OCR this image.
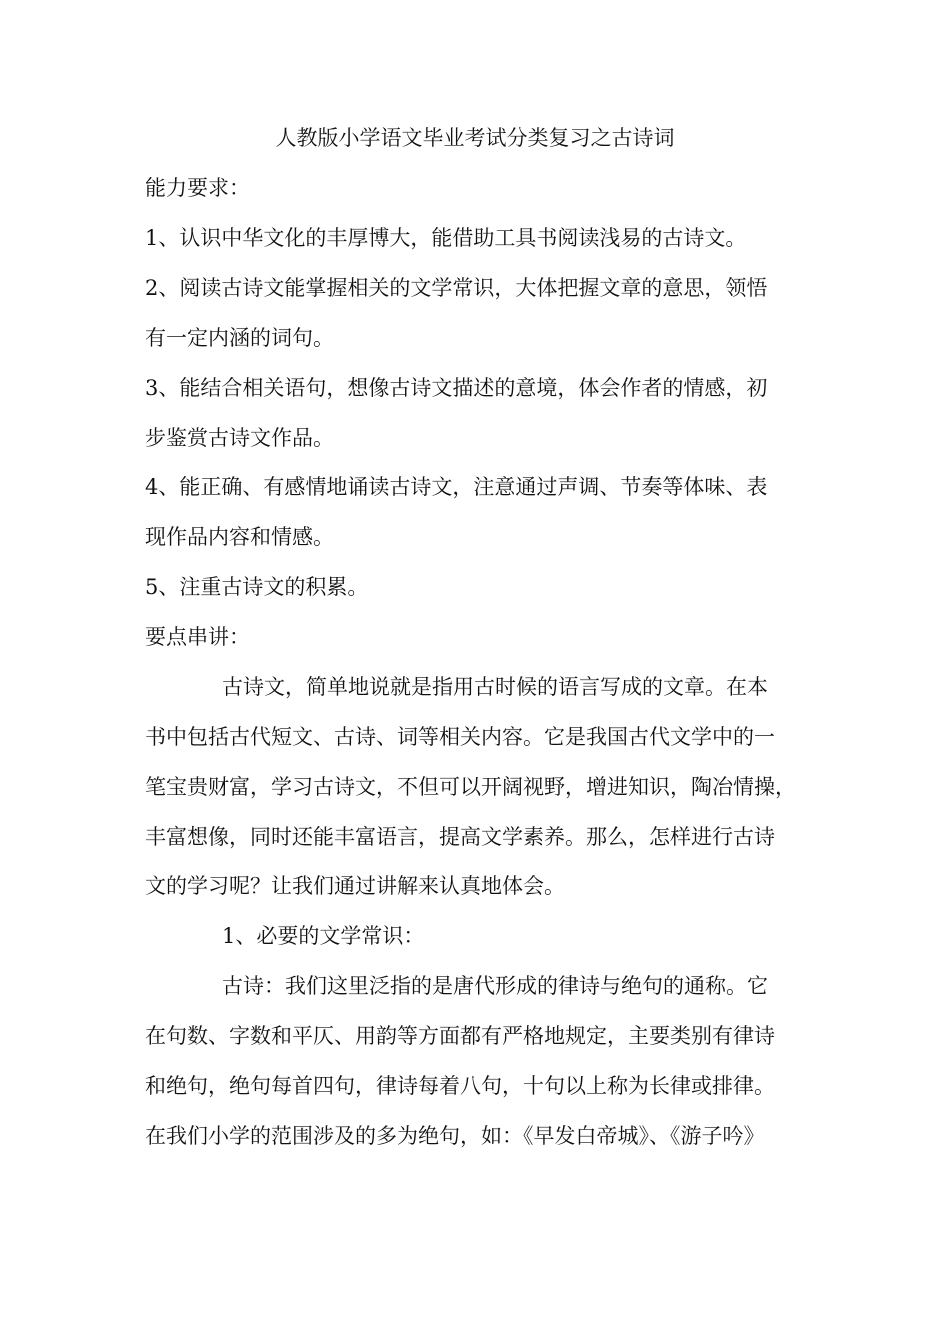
人教版小学语文毕业考试分类复习之古诗词
能力要求：
1、认识中华文化的丰厚博大，能借助工具书阅读浅易的古诗文。
2、阅读古诗文能掌握相关的文学常识，大体把握文章的意思，领悟
有一定内涵的词句。
3、能结合相关语句，想像古诗文描述的意境，体会作者的情感，初
步鉴赏古诗文作品。
4、能正确、有感情地诵读古诗文，注意通过声调、节奏等体味、表
现作品内容和情感。
5、注重古诗文的积累。
要点串讲：
古诗文，简单地说就是指用古时候的语言写成的文章。在本
书中包括古代短文、古诗、词等相关内容。它是我国古代文学中的一
笔宝贵财富，学习古诗文，不但可以开阔视野，增进知识，陶冶情操，
丰富想像，同时还能丰富语言，提高文学素养。那么，怎样进行古诗
文的学习呢？让我们通过讲解来认真地体会。
1、必要的文学常识：
古诗：我们这里泛指的是唐代形成的律诗与绝句的通称。它
在句数、字数和平仄、用韵等方面都有严格地规定，主要类别有律诗
和绝句，绝句每首四句，律诗每着八句，十句以上称为长律或排律。
在我们小学的范围涉及的多为绝句，如：《早发白帝城》、《游子吟》
